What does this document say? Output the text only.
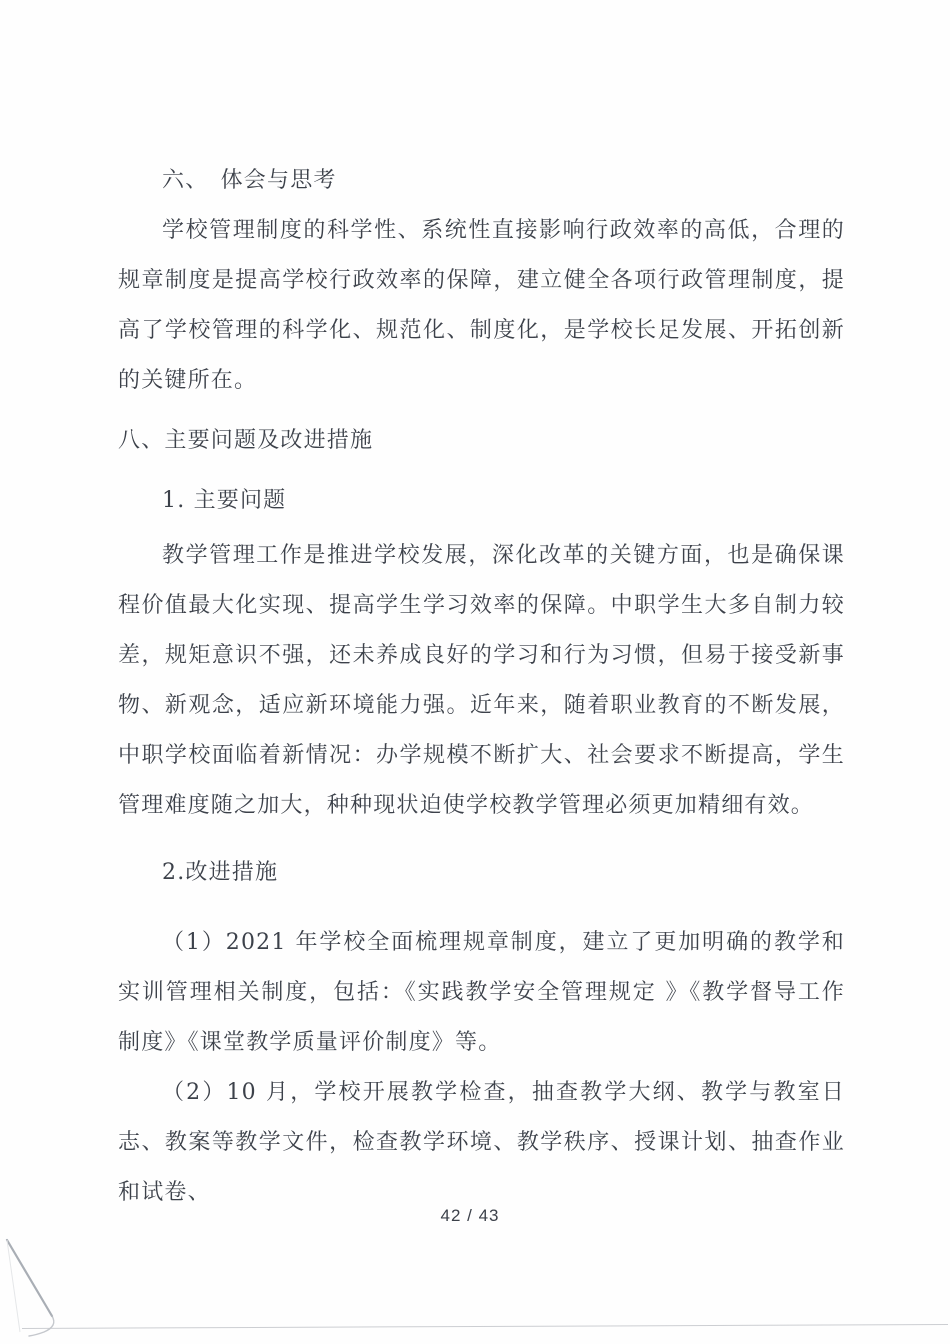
六、　体会与思考
学校管理制度的科学性、系统性直接影响行政效率的高低，合理的规章制度是提高学校行政效率的保障，建立健全各项行政管理制度，提高了学校管理的科学化、规范化、制度化，是学校长足发展、开拓创新的关键所在。
八、主要问题及改进措施
1. 主要问题
教学管理工作是推进学校发展，深化改革的关键方面，也是确保课程价值最大化实现、提高学生学习效率的保障。中职学生大多自制力较差，规矩意识不强，还未养成良好的学习和行为习惯，但易于接受新事物、新观念，适应新环境能力强。近年来，随着职业教育的不断发展，中职学校面临着新情况：办学规模不断扩大、社会要求不断提高，学生管理难度随之加大，种种现状迫使学校教学管理必须更加精细有效。
2.改进措施
（1）2021 年学校全面梳理规章制度，建立了更加明确的教学和实训管理相关制度，包括：《实践教学安全管理规定 》《教学督导工作制度》《课堂教学质量评价制度》等。
（2）10 月，学校开展教学检查，抽查教学大纲、教学与教室日志、教案等教学文件，检查教学环境、教学秩序、授课计划、抽查作业和试卷、
42 / 43
